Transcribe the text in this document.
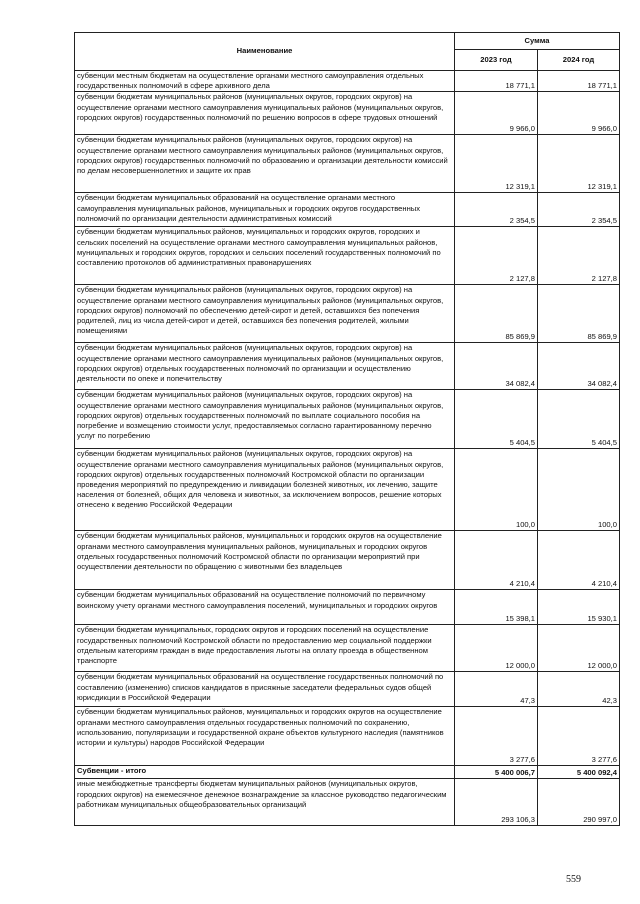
Наименование	Сумма	
	2023 год	2024 год
субвенции местным бюджетам на осуществление органами местного самоуправления отдельных государственных полномочий в сфере архивного дела	18 771,1	18 771,1
субвенции бюджетам муниципальных районов (муниципальных округов, городских округов) на осуществление органами местного самоуправления муниципальных районов (муниципальных округов, городских округов) государственных полномочий по решению вопросов в сфере трудовых отношений	9 966,0	9 966,0
субвенции бюджетам муниципальных районов (муниципальных округов, городских округов) на осуществление органами местного самоуправления муниципальных районов (муниципальных округов, городских округов) государственных полномочий по образованию и организации деятельности комиссий по делам несовершеннолетних и защите их прав	12 319,1	12 319,1
субвенции бюджетам муниципальных образований на осуществление органами местного самоуправления муниципальных районов, муниципальных и городских округов государственных полномочий по организации деятельности административных комиссий	2 354,5	2 354,5
субвенции бюджетам муниципальных районов, муниципальных и городских округов, городских и сельских поселений на осуществление органами местного самоуправления муниципальных районов, муниципальных и городских округов, городских и сельских поселений государственных полномочий по составлению протоколов об административных правонарушениях	2 127,8	2 127,8
субвенции бюджетам муниципальных районов (муниципальных округов, городских округов) на осуществление органами местного самоуправления муниципальных районов (муниципальных округов, городских округов) полномочий по обеспечению детей-сирот и детей, оставшихся без попечения родителей, лиц из числа детей-сирот и детей, оставшихся без попечения родителей, жилыми помещениями	85 869,9	85 869,9
субвенции бюджетам муниципальных районов (муниципальных округов, городских округов) на осуществление органами местного самоуправления муниципальных районов (муниципальных округов, городских округов) отдельных государственных полномочий по организации и осуществлению деятельности по опеке и попечительству	34 082,4	34 082,4
субвенции бюджетам муниципальных районов (муниципальных округов, городских округов) на осуществление органами местного самоуправления муниципальных районов (муниципальных округов, городских округов) отдельных государственных полномочий по выплате социального пособия на погребение и возмещению стоимости услуг, предоставляемых согласно гарантированному перечню услуг по погребению	5 404,5	5 404,5
субвенции бюджетам муниципальных районов (муниципальных округов, городских округов) на осуществление органами местного самоуправления муниципальных районов (муниципальных округов, городских округов) отдельных государственных полномочий Костромской области по организации проведения мероприятий по предупреждению и ликвидации болезней животных, их лечению, защите населения от болезней, общих для человека и животных, за исключением вопросов, решение которых отнесено к ведению Российской Федерации	100,0	100,0
субвенции бюджетам муниципальных районов, муниципальных и городских округов на осуществление органами местного самоуправления муниципальных районов, муниципальных и городских округов отдельных государственных полномочий Костромской области по организации мероприятий при осуществлении деятельности по обращению с животными без владельцев	4 210,4	4 210,4
субвенции бюджетам муниципальных образований на осуществление полномочий по первичному воинскому учету органами местного самоуправления поселений, муниципальных и городских округов	15 398,1	15 930,1
субвенции бюджетам муниципальных, городских округов и городских поселений на осуществление государственных полномочий Костромской области по предоставлению мер социальной поддержки отдельным категориям граждан в виде предоставления льготы на оплату проезда в общественном транспорте	12 000,0	12 000,0
субвенции бюджетам муниципальных образований на осуществление государственных полномочий по составлению (изменению) списков кандидатов в присяжные заседатели федеральных судов общей юрисдикции в Российской Федерации	47,3	42,3
субвенции бюджетам муниципальных районов, муниципальных и городских округов на осуществление органами местного самоуправления отдельных государственных полномочий по сохранению, использованию, популяризации и государственной охране объектов культурного наследия (памятников истории и культуры) народов Российской Федерации	3 277,6	3 277,6
Субвенции - итого	5 400 006,7	5 400 092,4
иные межбюджетные трансферты бюджетам муниципальных районов (муниципальных округов, городских округов) на ежемесячное денежное вознаграждение за классное руководство педагогическим работникам муниципальных общеобразовательных организаций	293 106,3	290 997,0
559
